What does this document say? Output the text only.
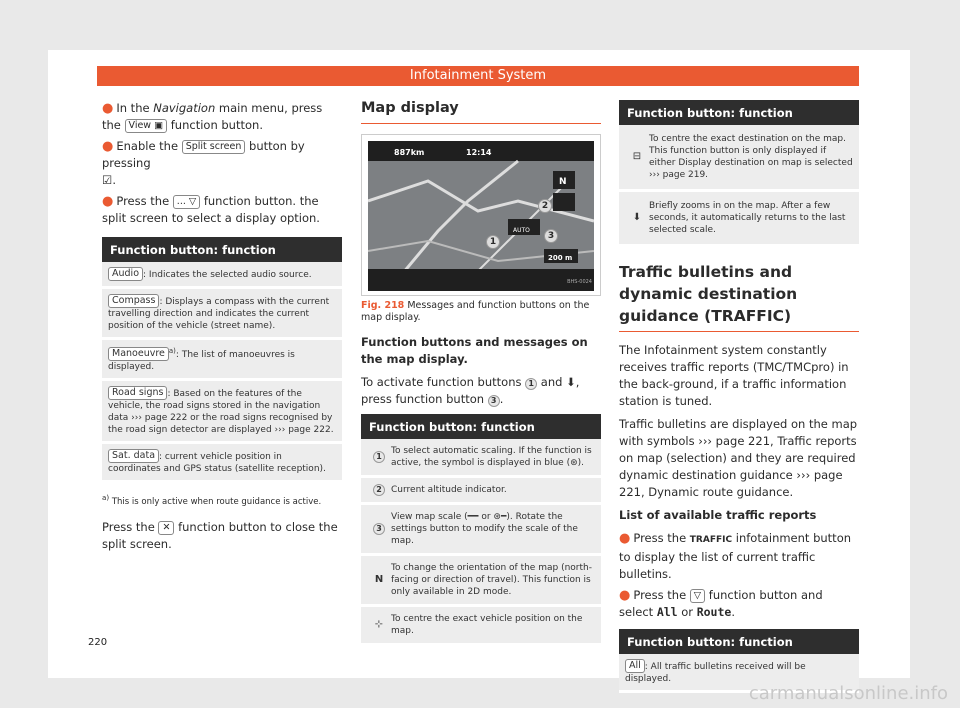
Infotainment System
● In the Navigation main menu, press the View ▣ function button.
● Enable the Split screen button by pressing
☑.
● Press the ... ▽ function button. the split screen to select a display option.
Function button: function
Audio : Indicates the selected audio source.
Compass : Displays a compass with the current travelling direction and indicates the current position of the vehicle (street name).
Manoeuvre $^{a)}$: The list of manoeuvres is displayed.
Road signs : Based on the features of the vehicle, the road signs stored in the navigation data ››› page 222 or the road signs recognised by the road sign detector are displayed ››› page 222.
Sat. data : current vehicle position in coordinates and GPS status (satellite reception).
$^{a)}$ This is only active when route guidance is active.

Press the ✕ function button to close the split screen.

Map display
887km	12:14
N
AUTO
200 m
1
2
3
BHS-0024
Fig. 218 Messages and function buttons on the map display.

Function buttons and messages on the map display.

To activate function buttons 1 and ⬇, press function button 3 .

Function button: function
1
To select automatic scaling. If the function is active, the symbol is displayed in blue (⊛).
2	Current altitude indicator.
3
View map scale (━━ or ⊛━). Rotate the settings button to modify the scale of the map.
N
To change the orientation of the map (north-facing or direction of travel). This function is only available in 2D mode.
⊹ To centre the exact vehicle position on the map.
Function button: function
⊟
To centre the exact destination on the map. This function button is only displayed if either Display destination on map is selected ››› page 219.
⬇
Briefly zooms in on the map. After a few seconds, it automatically returns to the last selected scale.
Traffic bulletins and dynamic destination guidance (TRAFFIC)

The Infotainment system constantly receives traffic reports (TMC/TMCpro) in the back-ground, if a traffic information station is tuned.

Traffic bulletins are displayed on the map with symbols ››› page 221, Traffic reports on map (selection) and they are required dynamic destination guidance ››› page 221, Dynamic route guidance.

List of available traffic reports

● Press the TRAFFIC infotainment button to display the list of current traffic bulletins.
● Press the ▽ function button and select All or Route.
Function button: function
All : All traffic bulletins received will be displayed.
220
carmanualsonline.info
